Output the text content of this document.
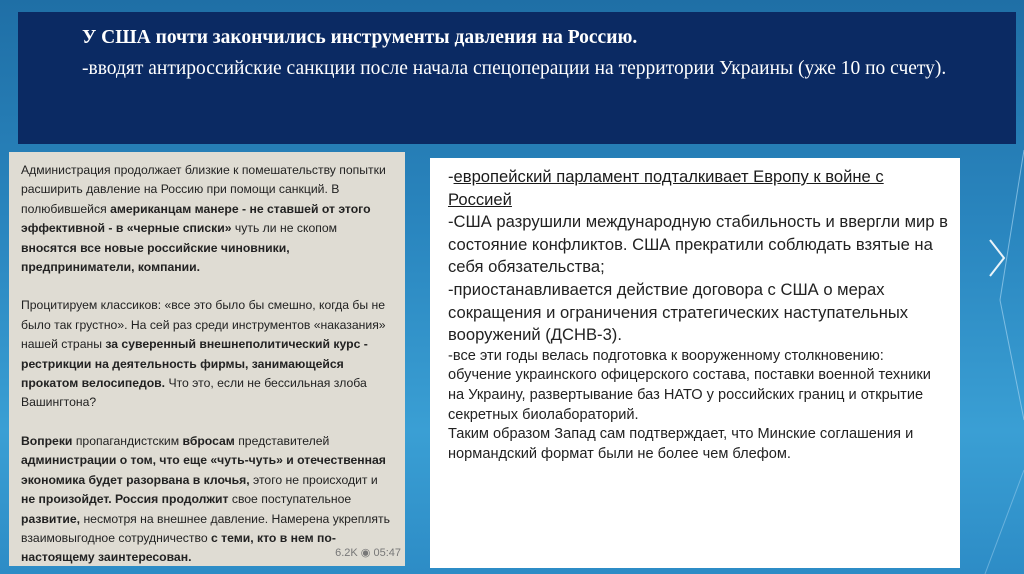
У США почти закончились инструменты давления на Россию.
-вводят антироссийские санкции после начала спецоперации на территории Украины (уже 10 по счету).

Администрация продолжает близкие к помешательству попытки расширить давление на Россию при помощи санкций. В полюбившейся американцам манере - не ставшей от этого эффективной - в «черные списки» чуть ли не скопом вносятся все новые российские чиновники, предприниматели, компании.

Процитируем классиков: «все это было бы смешно, когда бы не было так грустно». На сей раз среди инструментов «наказания» нашей страны за суверенный внешнеполитический курс - рестрикции на деятельность фирмы, занимающейся прокатом велосипедов. Что это, если не бессильная злоба Вашингтона?

Вопреки пропагандистским вбросам представителей администрации о том, что еще «чуть-чуть» и отечественная экономика будет разорвана в клочья, этого не происходит и не произойдет. Россия продолжит свое поступательное развитие, несмотря на внешнее давление. Намерена укреплять взаимовыгодное сотрудничество с теми, кто в нем по- настоящему заинтересован.	6.2K ◉ 05:47
-европейский парламент подталкивает Европу к войне с Россией
-США разрушили международную стабильность и ввергли мир в состояние конфликтов. США прекратили соблюдать взятые на себя обязательства;
-приостанавливается действие договора с США о мерах сокращения и ограничения стратегических наступательных вооружений (ДСНВ-3).
-все эти годы велась подготовка к вооруженному столкновению: обучение украинского офицерского состава, поставки военной техники на Украину, развертывание баз НАТО у российских границ и открытие секретных биолабораторий.
Таким образом Запад сам подтверждает, что Минские соглашения и нормандский формат были не более чем блефом.
